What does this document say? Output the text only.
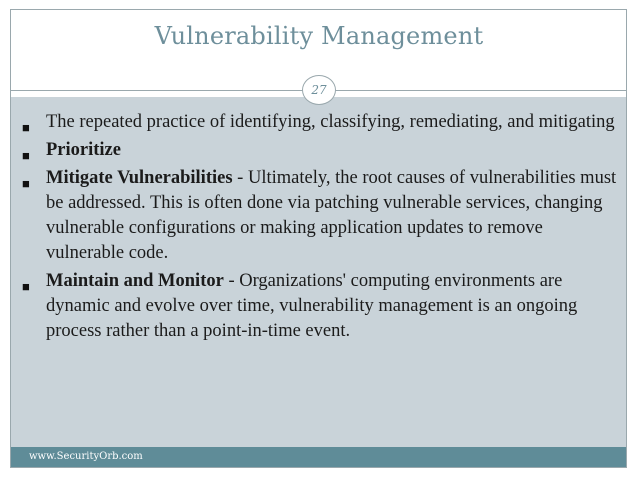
Vulnerability Management
27
■ The repeated practice of identifying, classifying, remediating, and mitigating
■ Prioritize
■ Mitigate Vulnerabilities - Ultimately, the root causes of vulnerabilities must be addressed. This is often done via patching vulnerable services, changing vulnerable configurations or making application updates to remove vulnerable code.
■ Maintain and Monitor - Organizations' computing environments are dynamic and evolve over time, vulnerability management is an ongoing process rather than a point-in-time event.
www.SecurityOrb.com
